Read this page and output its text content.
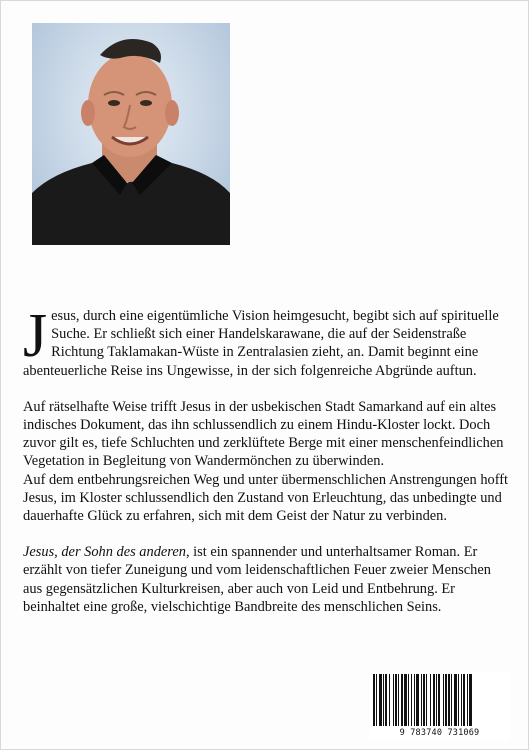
Jesus, durch eine eigentümliche Vision heimgesucht, begibt sich auf spirituelle Suche. Er schließt sich einer Handelskarawane, die auf der Seidenstraße Richtung Taklamakan-Wüste in Zentralasien zieht, an. Damit beginnt eine abenteuerliche Reise ins Ungewisse, in der sich folgenreiche Abgründe auftun.

Auf rätselhafte Weise trifft Jesus in der usbekischen Stadt Samarkand auf ein altes indisches Dokument, das ihn schlussendlich zu einem Hindu-Kloster lockt. Doch zuvor gilt es, tiefe Schluchten und zerklüftete Berge mit einer menschenfeindlichen Vegetation in Begleitung von Wandermönchen zu überwinden.

Auf dem entbehrungsreichen Weg und unter übermenschlichen Anstrengungen hofft Jesus, im Kloster schlussendlich den Zustand von Erleuchtung, das unbedingte und dauerhafte Glück zu erfahren, sich mit dem Geist der Natur zu verbinden.

Jesus, der Sohn des anderen, ist ein spannender und unterhaltsamer Roman. Er erzählt von tiefer Zuneigung und vom leidenschaftlichen Feuer zweier Menschen aus gegensätzlichen Kulturkreisen, aber auch von Leid und Entbehrung. Er beinhaltet eine große, vielschichtige Bandbreite des menschlichen Seins.

9 783740 731069
